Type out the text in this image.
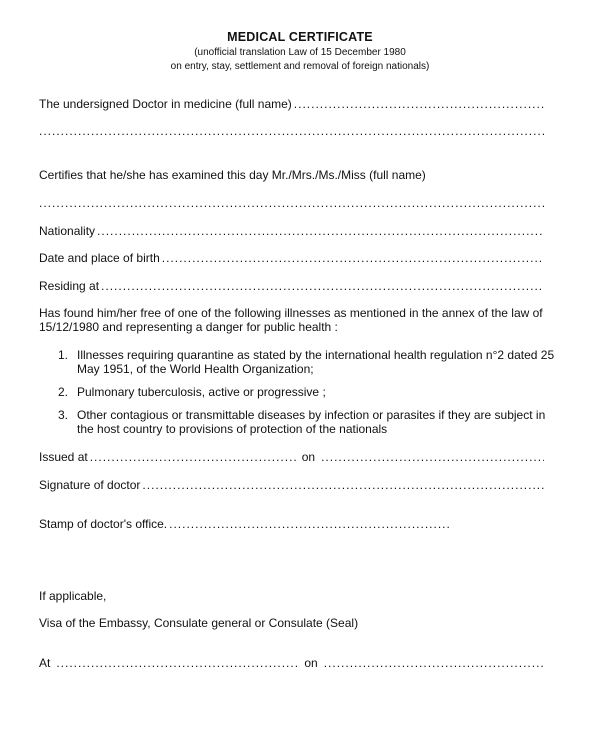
MEDICAL CERTIFICATE
(unofficial translation Law of 15 December 1980
on entry, stay, settlement and removal of foreign nationals)
The undersigned Doctor in medicine (full name)
.....
.....
Certifies that he/she has examined this day Mr./Mrs./Ms./Miss (full name)
.....
Nationality
.....
Date and place of birth
.....
Residing at
.....
Has found him/her free of one of the following illnesses as mentioned in the annex of the law of 15/12/1980 and representing a danger for public health :
1. Illnesses requiring quarantine as stated by the international health regulation n°2 dated 25 May 1951, of the World Health Organization;
2. Pulmonary tuberculosis, active or progressive ;
3. Other contagious or transmittable diseases by infection or parasites if they are subject in the host country to provisions of protection of the nationals
Issued at .....	on
.....
Signature of doctor
.....
Stamp of doctor's office.
.....
If applicable,
Visa of the Embassy, Consulate general or Consulate (Seal)
At .....	on
.....
